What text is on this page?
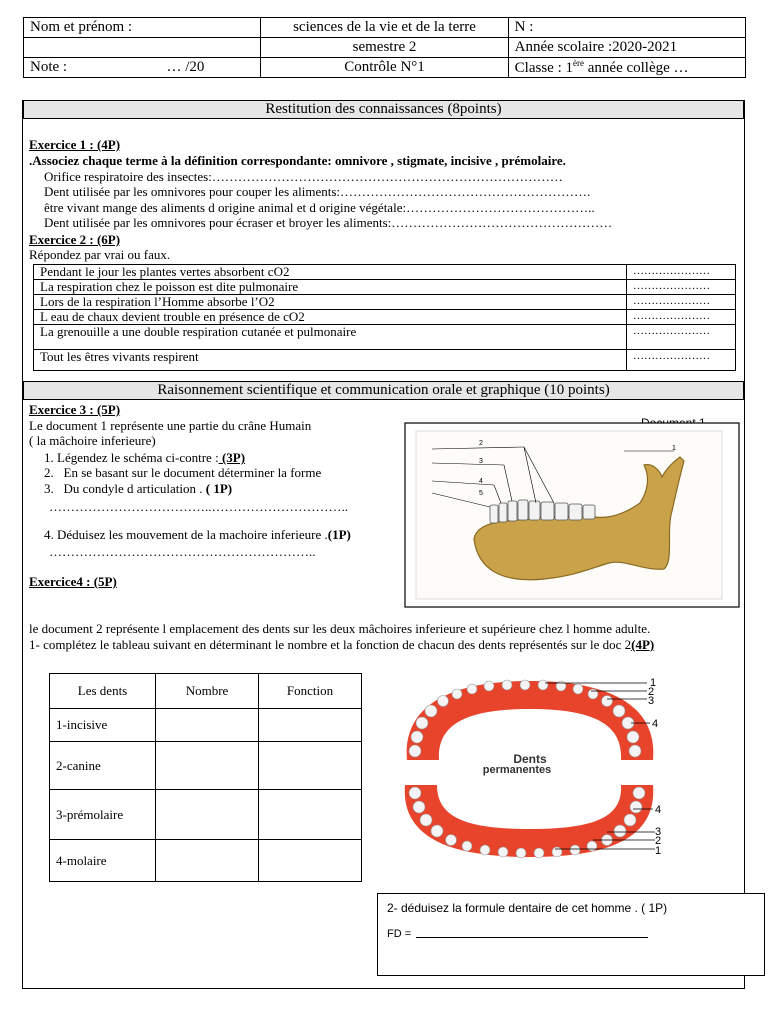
Nom et prénom :	sciences de la vie et de la terre	N :
	semestre 2	Année scolaire :2020-2021
Note : … /20	Contrôle N°1	Classe : 1ère année collège …
Restitution des connaissances (8points)
Exercice 1 : (4P)
.Associez chaque terme à la définition correspondante: omnivore , stigmate, incisive , prémolaire.
Orifice respiratoire des insectes:………………………………………………………………………
Dent utilisée par les omnivores pour couper les aliments:………………………………………………….
être vivant mange des aliments d origine animal et d origine végétale:……………………………………..
Dent utilisée par les omnivores pour écraser et broyer les aliments:……………………………………………
Exercice 2 : (6P)
Répondez par vrai ou faux.
Pendant le jour les plantes vertes absorbent cO2	…………………
La respiration chez le poisson est dite pulmonaire	…………………
Lors de la respiration l’Homme absorbe l’O2	…………………
L eau de chaux devient trouble en présence de cO2	…………………
La grenouille a une double respiration cutanée et pulmonaire	…………………
Tout les êtres vivants respirent	…………………
Raisonnement scientifique et communication orale et graphique (10 points)
Exercice 3 : (5P)
Le document 1 représente une partie du crâne Humain
( la mâchoire inferieure)
1. Légendez le schéma ci-contre : (3P)
2. En se basant sur le document déterminer la forme
3. Du condyle d articulation . ( 1P)
………………………………..…………………………..
4. Déduisez les mouvement de la machoire inferieure .(1P)
……………………………………………………..
2
3
4
5
1
Exercice4 : (5P)
le document 2 représente l emplacement des dents sur les deux mâchoires inferieure et supérieure chez l homme adulte.
1- complétez le tableau suivant en déterminant le nombre et la fonction de chacun des dents représentés sur le doc 2(4P)
Les dents	Nombre	Fonction
1-incisive		
2-canine		
3-prémolaire		
4-molaire		
Dents
permanentes
1
2
3
4
4
3
2
1
2- déduisez la formule dentaire de cet homme . ( 1P)
FD =
